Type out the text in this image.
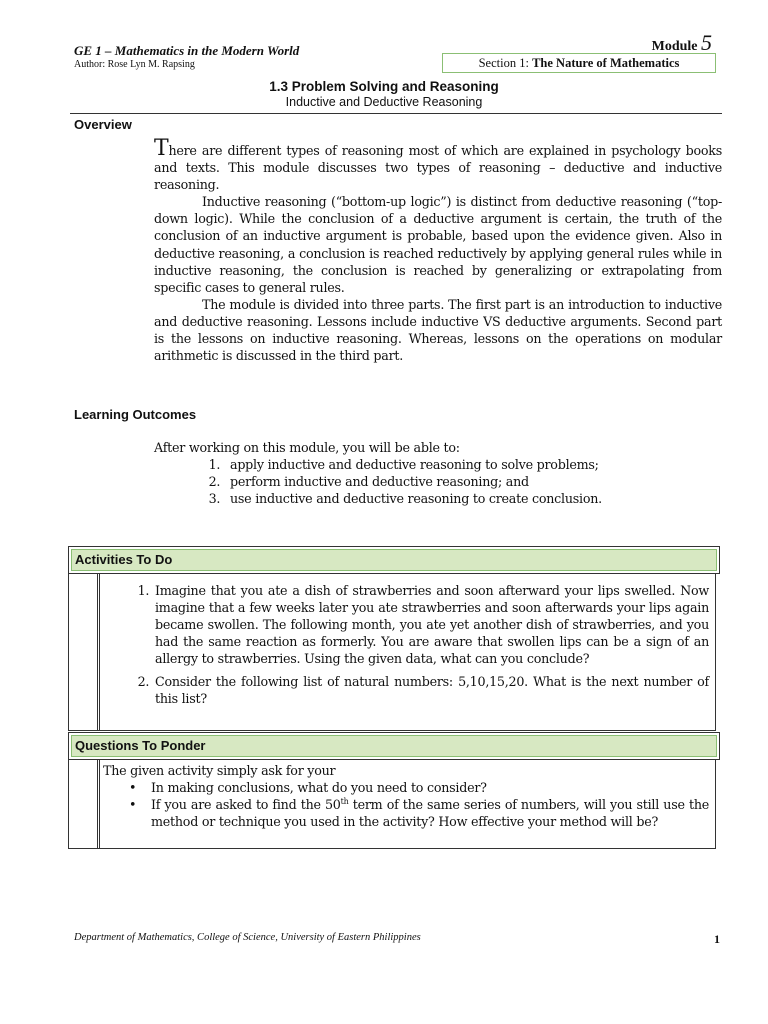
GE 1 – Mathematics in the Modern World
Author: Rose Lyn M. Rapsing
Module 5
Section 1: The Nature of Mathematics
1.3 Problem Solving and Reasoning
Inductive and Deductive Reasoning
Overview

There are different types of reasoning most of which are explained in psychology books and texts. This module discusses two types of reasoning – deductive and inductive reasoning.

Inductive reasoning (“bottom-up logic”) is distinct from deductive reasoning (“top-down logic). While the conclusion of a deductive argument is certain, the truth of the conclusion of an inductive argument is probable, based upon the evidence given. Also in deductive reasoning, a conclusion is reached reductively by applying general rules while in inductive reasoning, the conclusion is reached by generalizing or extrapolating from specific cases to general rules.

The module is divided into three parts. The first part is an introduction to inductive and deductive reasoning. Lessons include inductive VS deductive arguments. Second part is the lessons on inductive reasoning. Whereas, lessons on the operations on modular arithmetic is discussed in the third part.

Learning Outcomes

After working on this module, you will be able to:

1. apply inductive and deductive reasoning to solve problems;
2. perform inductive and deductive reasoning; and
3. use inductive and deductive reasoning to create conclusion.
Activities To Do
1. Imagine that you ate a dish of strawberries and soon afterward your lips swelled. Now imagine that a few weeks later you ate strawberries and soon afterwards your lips again became swollen. The following month, you ate yet another dish of strawberries, and you had the same reaction as formerly. You are aware that swollen lips can be a sign of an allergy to strawberries. Using the given data, what can you conclude?
2. Consider the following list of natural numbers: 5,10,15,20. What is the next number of this list?
Questions To Ponder
The given activity simply ask for your
• In making conclusions, what do you need to consider?
• If you are asked to find the 50th term of the same series of numbers, will you still use the method or technique you used in the activity? How effective your method will be?
Department of Mathematics, College of Science, University of Eastern Philippines	1
